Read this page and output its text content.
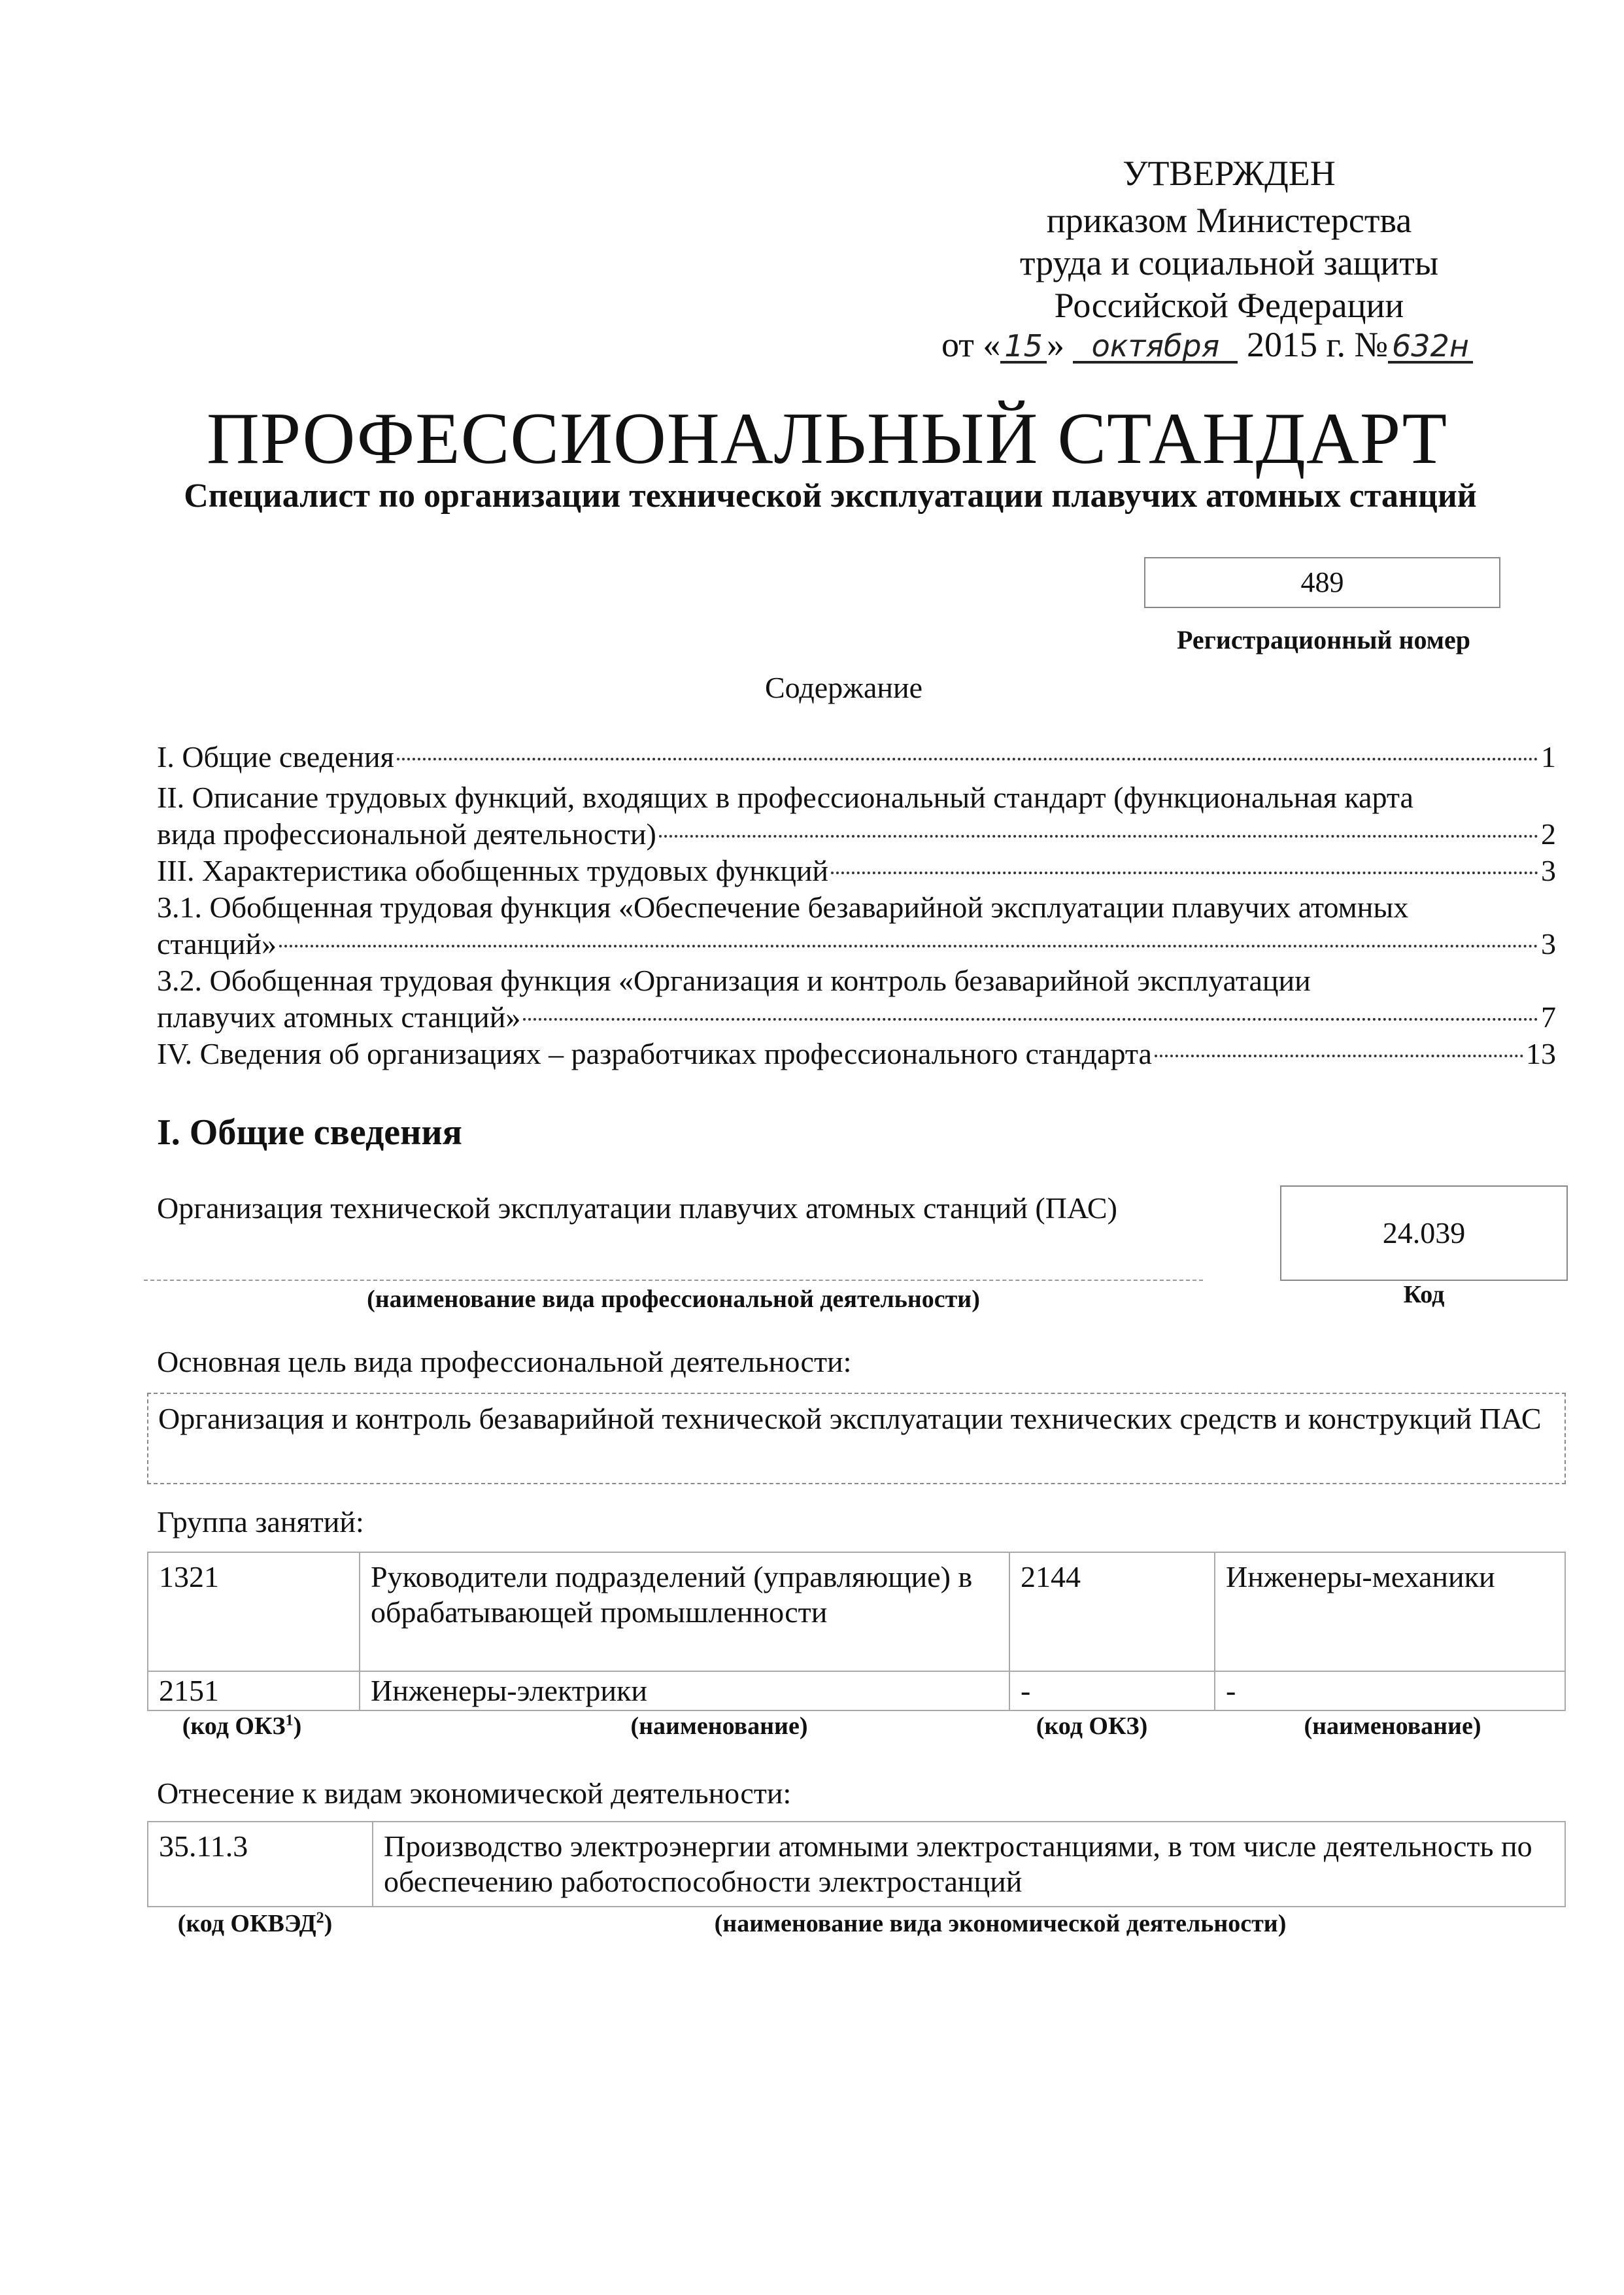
УТВЕРЖДЕН
приказом Министерства
труда и социальной защиты
Российской Федерации
от « 15 » октября 2015 г. № 632н
ПРОФЕССИОНАЛЬНЫЙ СТАНДАРТ
Специалист по организации технической эксплуатации плавучих атомных станций
489
Регистрационный номер
Содержание
I. Общие сведения	1
II. Описание трудовых функций, входящих в профессиональный стандарт (функциональная карта
вида профессиональной деятельности)	2
III. Характеристика обобщенных трудовых функций	3
3.1. Обобщенная трудовая функция «Обеспечение безаварийной эксплуатации плавучих атомных
станций»	3
3.2. Обобщенная трудовая функция «Организация и контроль безаварийной эксплуатации
плавучих атомных станций»	7
IV. Сведения об организациях – разработчиках профессионального стандарта	13
I. Общие сведения
Организация технической эксплуатации плавучих атомных станций (ПАС)
(наименование вида профессиональной деятельности)
24.039
Код
Основная цель вида профессиональной деятельности:
Организация и контроль безаварийной технической эксплуатации технических средств и конструкций ПАС
Группа занятий:
1321	Руководители подразделений (управляющие) в обрабатывающей промышленности	2144	Инженеры-механики
2151	Инженеры-электрики	-	-
(код ОКЗ$^1$)	(наименование)	(код ОКЗ)	(наименование)
Отнесение к видам экономической деятельности:
35.11.3	Производство электроэнергии атомными электростанциями, в том числе деятельность по обеспечению работоспособности электростанций
(код ОКВЭД$^2$)	(наименование вида экономической деятельности)
